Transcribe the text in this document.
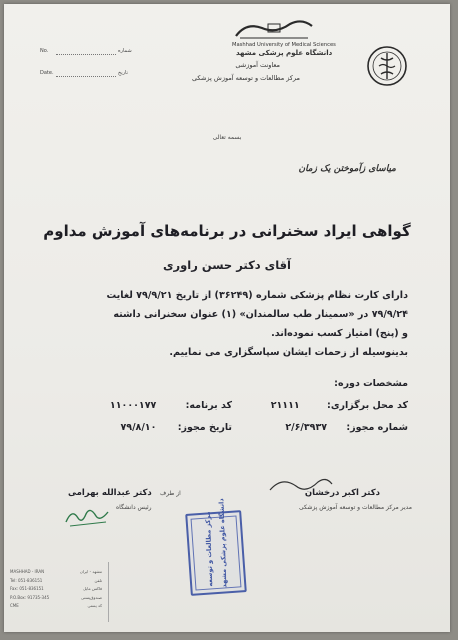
No.	شماره
Date.	تاریخ
Mashhad University of Medical Sciences
دانشگاه علوم پزشکی مشهد
معاونت آموزشی
مرکز مطالعات و توسعه آموزش پزشکی
بسمه تعالی
میاسای زآموختن یک زمان
گواهی ایراد سخنرانی در برنامه‌های آموزش مداوم
آقای دکتر حسن راوری
دارای کارت نظام پزشکی شماره (۳۶۲۴۹) از تاریخ ۷۹/۹/۲۱ لغایت
۷۹/۹/۲۴ در «سمینار طب سالمندان» (۱) عنوان سخنرانی داشته
و (پنج) امتیاز کسب نموده‌اند.
بدینوسیله از زحمات ایشان سپاسگزاری می نماییم.
مشخصات دوره:
کد محل برگزاری: ۲۱۱۱۱
کد برنامه: ۱۱۰۰۰۱۷۷
شماره مجوز: ۲/۶/۳۹۳۷
تاریخ مجوز: ۷۹/۸/۱۰
دکتر عبدالله بهرامی از طرف
رئیس دانشگاه
دکتر اکبر درخشان
مدیر مرکز مطالعات و توسعه آموزش پزشکی
مرکز مطالعات و توسعه دانشگاه علوم پزشکی مشهد
MASHHAD - IRAN
Tel: 051-836151
Fax: 051-836151
P.O.Box: 91735-345
CME
مشهد - ایران
تلفن
فاکس مایل
صندوق‌پستی
کد پستی
